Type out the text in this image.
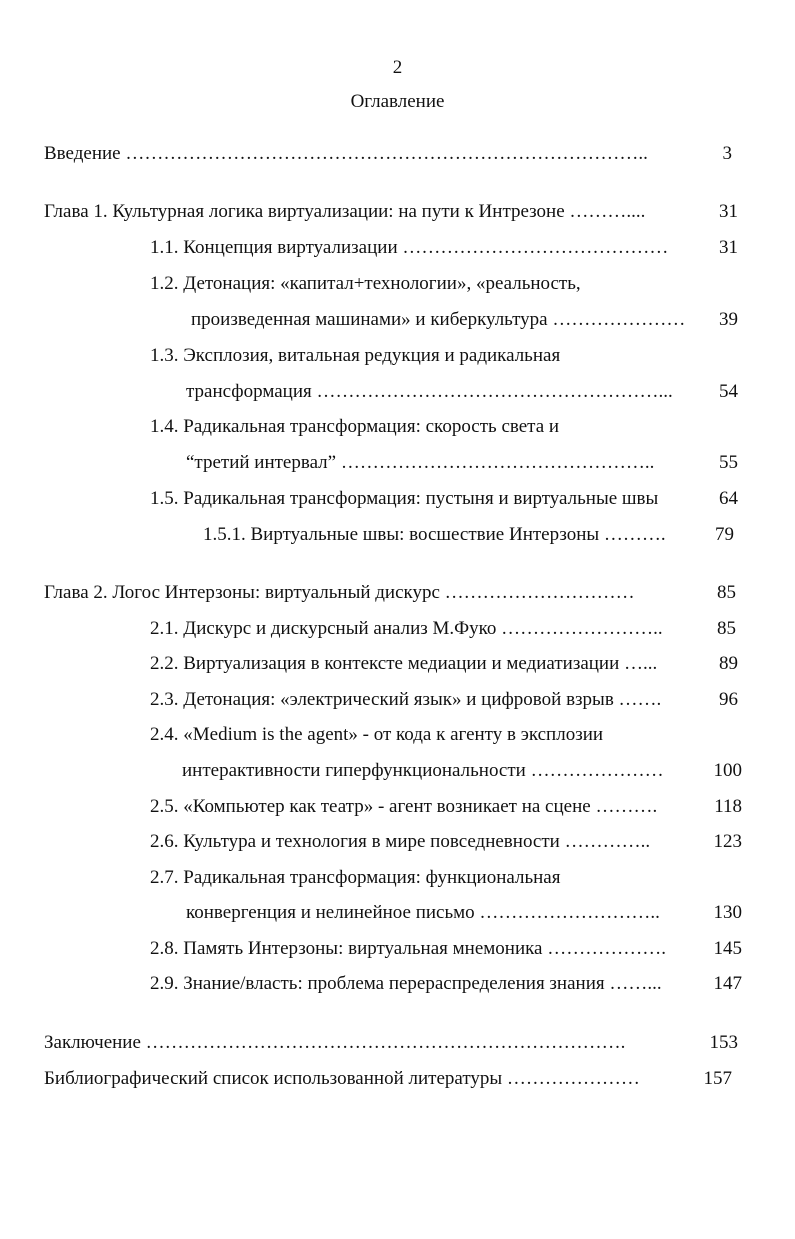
2
Оглавление
Введение ………………………………………………………………………..	3
Глава 1. Культурная логика виртуализации: на пути к Интрезоне ………....	31
1.1. Концепция виртуализации ……………………………………	31
1.2. Детонация: «капитал+технологии», «реальность,
произведенная машинами» и киберкультура …………………	39
1.3. Эксплозия, витальная редукция и радикальная
трансформация ………………………………………………...	54
1.4. Радикальная трансформация: скорость света и
“третий интервал” …………………………………………..	55
1.5. Радикальная трансформация: пустыня и виртуальные швы	64
1.5.1. Виртуальные швы: восшествие Интерзоны ……….	79
Глава 2. Логос Интерзоны: виртуальный дискурс …………………………	85
2.1. Дискурс и дискурсный анализ М.Фуко ……………………..	85
2.2. Виртуализация в контексте медиации и медиатизации …...	89
2.3. Детонация: «электрический язык» и цифровой взрыв …….	96
2.4. «Medium is the agent» - от кода к агенту в эксплозии
интерактивности гиперфункциональности …………………	100
2.5. «Компьютер как театр» - агент возникает на сцене ……….	118
2.6. Культура и технология в мире повседневности …………..	123
2.7. Радикальная трансформация: функциональная
конвергенция и нелинейное письмо ………………………..	130
2.8. Память Интерзоны: виртуальная мнемоника ……………….	145
2.9. Знание/власть: проблема перераспределения знания ……...	147
Заключение ………………………………………………………………….	153
Библиографический список использованной литературы …………………	157
